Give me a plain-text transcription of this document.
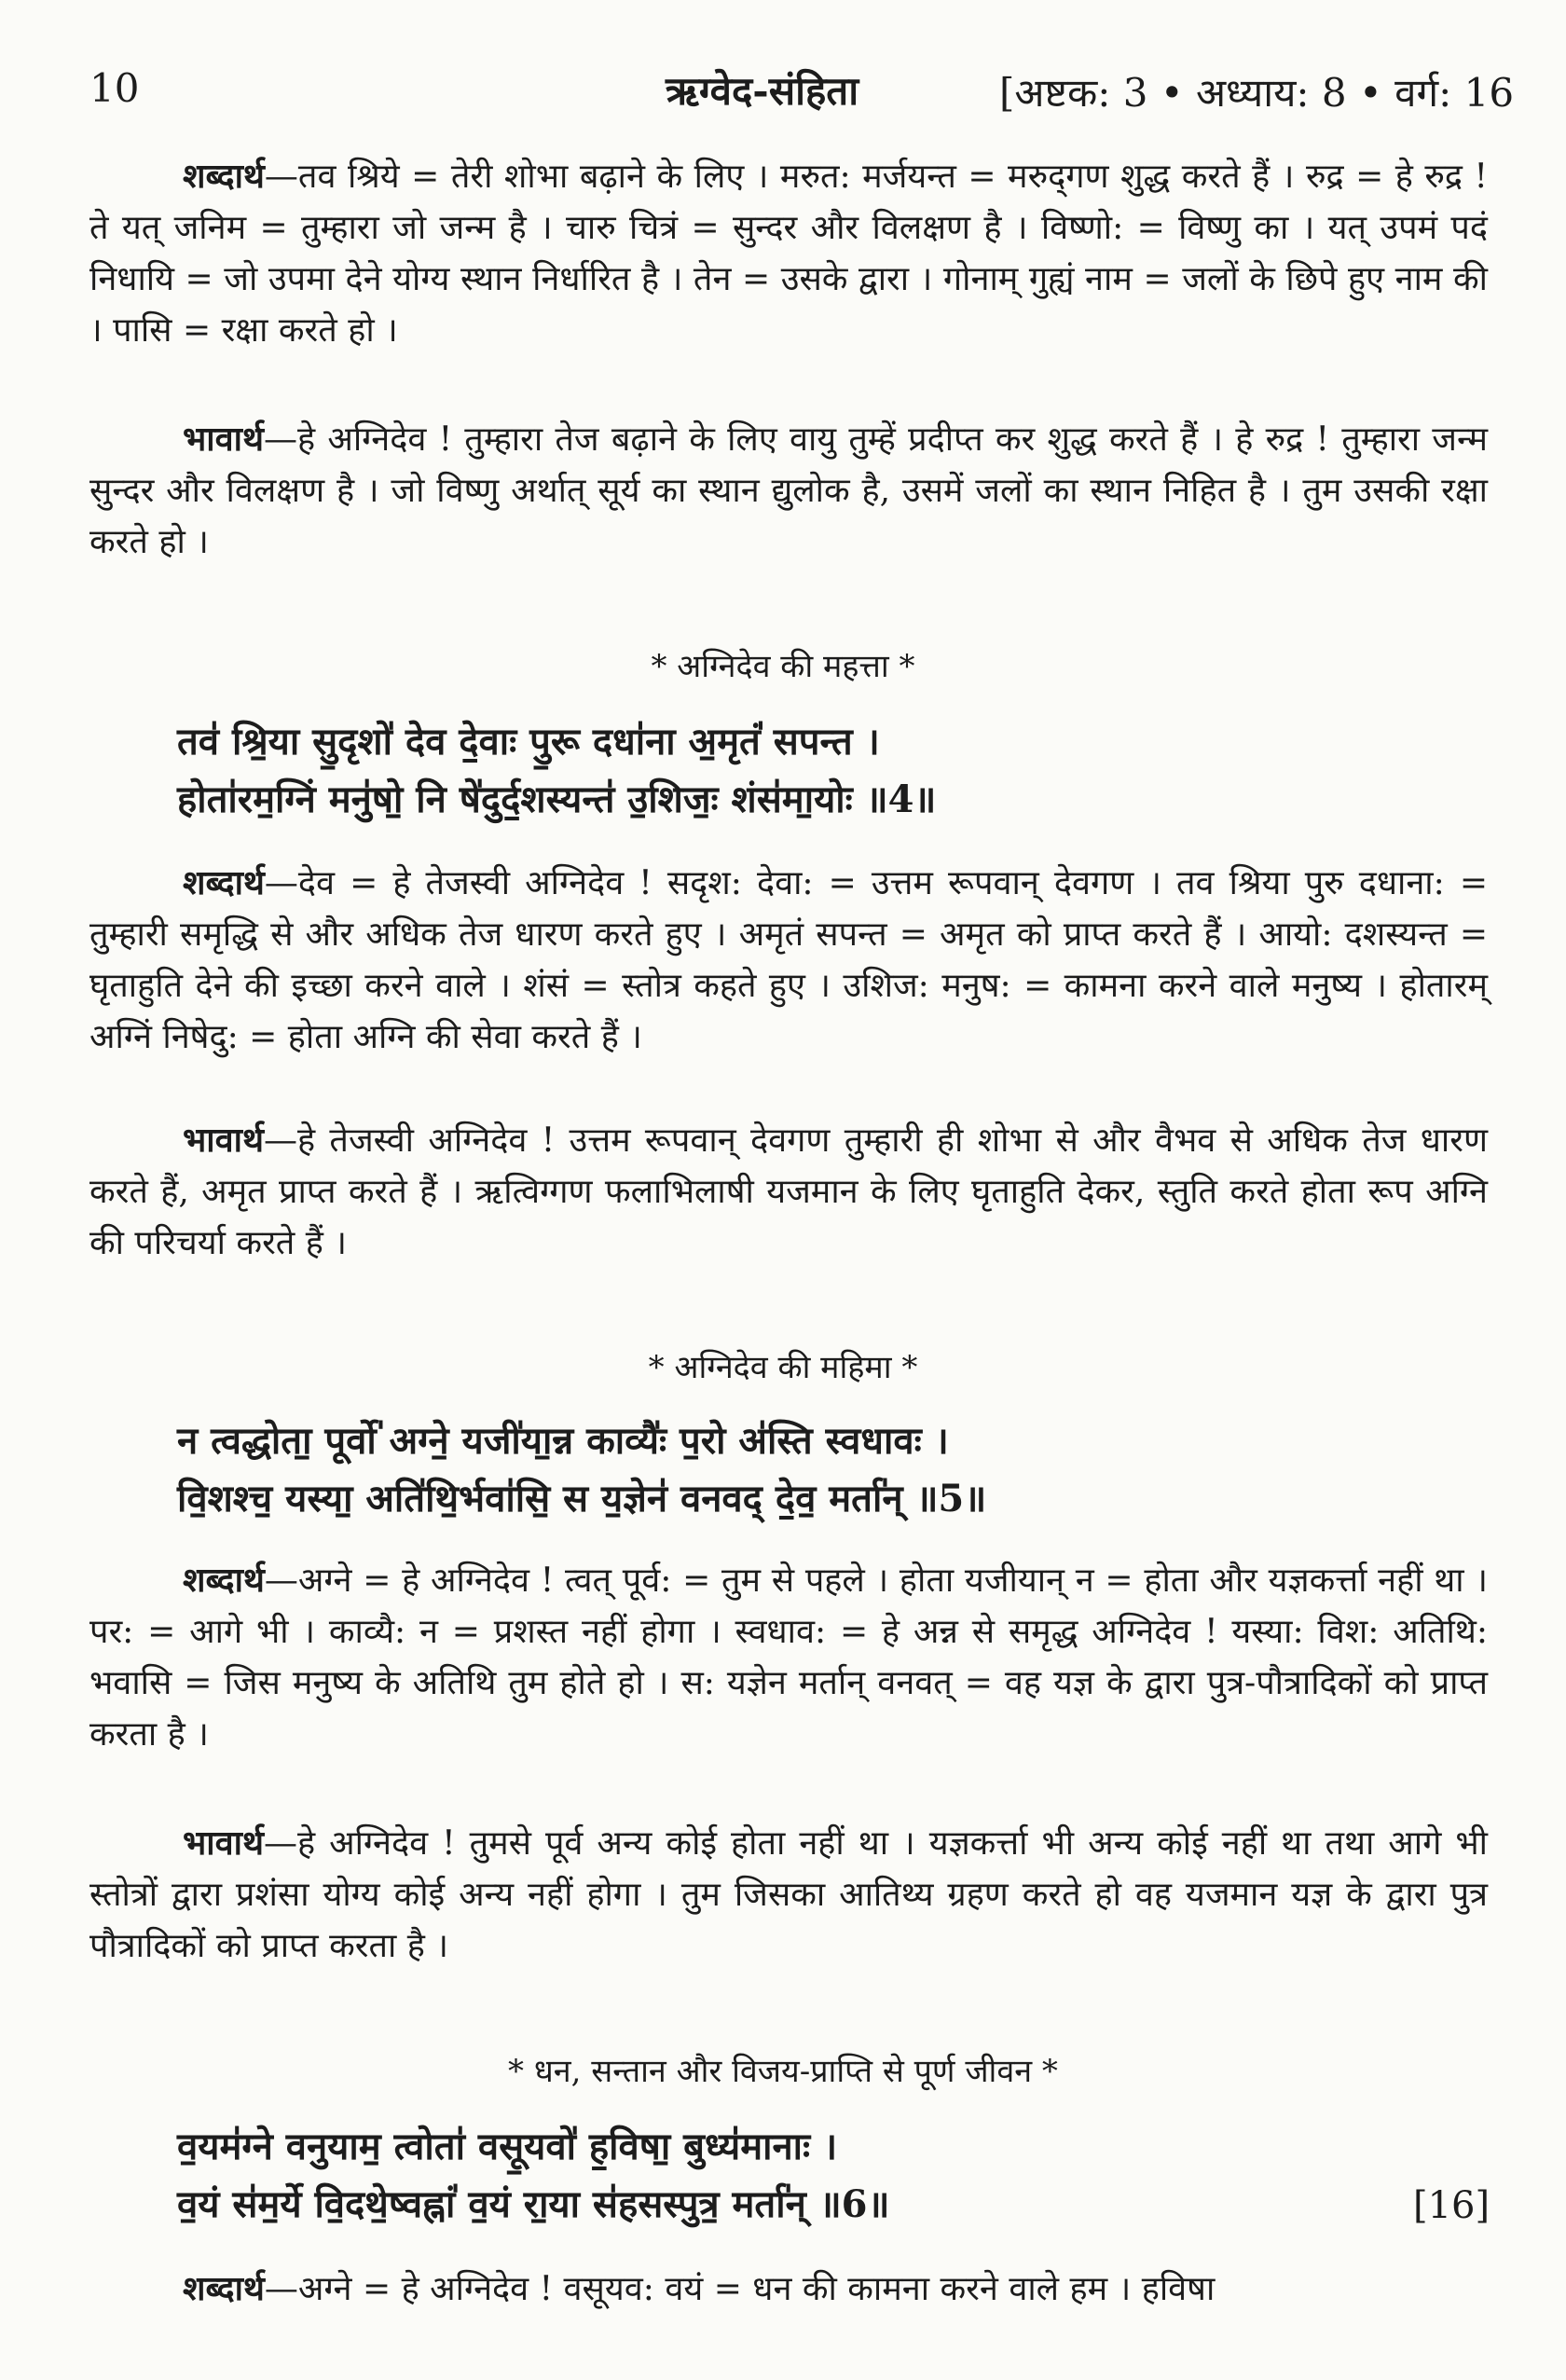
10	ऋग्वेद-संहिता	[अष्टक: 3 • अध्याय: 8 • वर्ग: 16
शब्दार्थ—तव श्रिये = तेरी शोभा बढ़ाने के लिए । मरुत: मर्जयन्त = मरुद्‌गण शुद्ध करते हैं । रुद्र = हे रुद्र ! ते यत् जनिम = तुम्हारा जो जन्म है । चारु चित्रं = सुन्दर और विलक्षण है । विष्णो: = विष्णु का । यत् उपमं पदं निधायि = जो उपमा देने योग्य स्थान निर्धारित है । तेन = उसके द्वारा । गोनाम् गुह्यं नाम = जलों के छिपे हुए नाम की । पासि = रक्षा करते हो ।
भावार्थ—हे अग्निदेव ! तुम्हारा तेज बढ़ाने के लिए वायु तुम्हें प्रदीप्त कर शुद्ध करते हैं । हे रुद्र ! तुम्हारा जन्म सुन्दर और विलक्षण है । जो विष्णु अर्थात् सूर्य का स्थान द्युलोक है, उसमें जलों का स्थान निहित है । तुम उसकी रक्षा करते हो ।
* अग्निदेव की महत्ता *
तव॑ श्रि॒या सु॒दृशो॑ देव दे॒वाः पु॒रू दधा॑ना अ॒मृतं॑ सपन्त ।
होता॑रम॒ग्निं मनु॑षो॒ नि षे॑दुर्द॒शस्यन्त॑ उ॒शिजः॒ शंस॑मा॒योः ॥4॥
शब्दार्थ—देव = हे तेजस्वी अग्निदेव ! सदृश: देवा: = उत्तम रूपवान् देवगण । तव श्रिया पुरु दधाना: = तुम्हारी समृद्धि से और अधिक तेज धारण करते हुए । अमृतं सपन्त = अमृत को प्राप्त करते हैं । आयो: दशस्यन्त = घृताहुति देने की इच्छा करने वाले । शंसं = स्तोत्र कहते हुए । उशिज: मनुष: = कामना करने वाले मनुष्य । होतारम् अग्निं निषेदु: = होता अग्नि की सेवा करते हैं ।
भावार्थ—हे तेजस्वी अग्निदेव ! उत्तम रूपवान् देवगण तुम्हारी ही शोभा से और वैभव से अधिक तेज धारण करते हैं, अमृत प्राप्त करते हैं । ऋत्विग्गण फलाभिलाषी यजमान के लिए घृताहुति देकर, स्तुति करते होता रूप अग्नि की परिचर्या करते हैं ।
* अग्निदेव की महिमा *
न त्वद्धोता॒ पूर्वो॑ अग्ने॒ यजी॑या॒न्न काव्यैः॑ प॒रो अ॑स्ति स्वधावः ।
वि॒शश्च॒ यस्या॒ अति॑थि॒र्भवा॑सि॒ स य॒ज्ञेन॑ वनवद् दे॒व॒ मर्ता॑न् ॥5॥
शब्दार्थ—अग्ने = हे अग्निदेव ! त्वत् पूर्व: = तुम से पहले । होता यजीयान् न = होता और यज्ञकर्त्ता नहीं था । पर: = आगे भी । काव्यै: न = प्रशस्त नहीं होगा । स्वधाव: = हे अन्न से समृद्ध अग्निदेव ! यस्या: विश: अतिथि: भवासि = जिस मनुष्य के अतिथि तुम होते हो । स: यज्ञेन मर्तान् वनवत् = वह यज्ञ के द्वारा पुत्र-पौत्रादिकों को प्राप्त करता है ।
भावार्थ—हे अग्निदेव ! तुमसे पूर्व अन्य कोई होता नहीं था । यज्ञकर्त्ता भी अन्य कोई नहीं था तथा आगे भी स्तोत्रों द्वारा प्रशंसा योग्य कोई अन्य नहीं होगा । तुम जिसका आतिथ्य ग्रहण करते हो वह यजमान यज्ञ के द्वारा पुत्र पौत्रादिकों को प्राप्त करता है ।
* धन, सन्तान और विजय-प्राप्ति से पूर्ण जीवन *
व॒यम॑ग्ने वनुयाम॒ त्वोता॑ वसू॒यवो॑ ह॒विषा॒ बुध्य॑मानाः ।
व॒यं स॑म॒र्ये वि॒दथे॒ष्वह्नां॑ व॒यं रा॒या स॑हसस्पुत्र॒ मर्ता॑न् ॥6॥	[16]
शब्दार्थ—अग्ने = हे अग्निदेव ! वसूयव: वयं = धन की कामना करने वाले हम । हविषा
